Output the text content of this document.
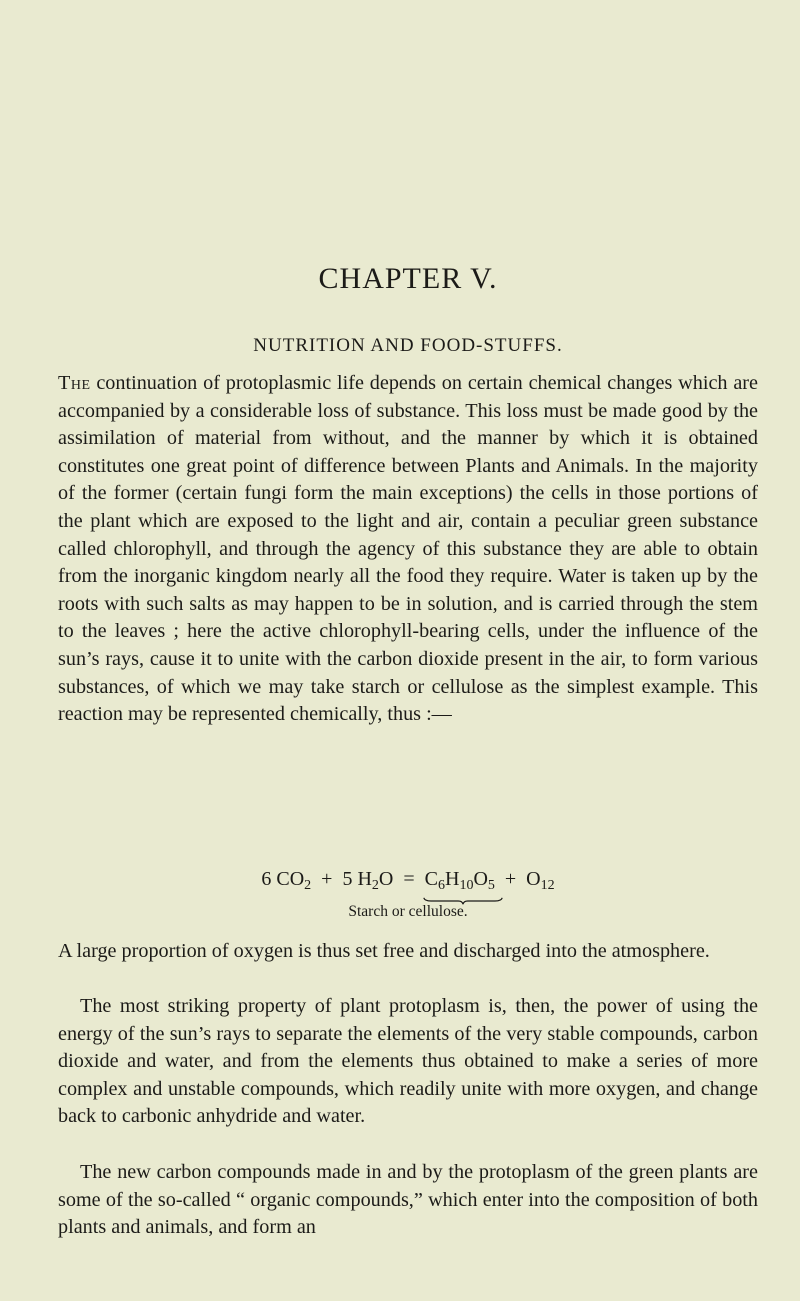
CHAPTER V.
NUTRITION AND FOOD-STUFFS.

The continuation of protoplasmic life depends on certain chemical changes which are accompanied by a considerable loss of substance. This loss must be made good by the assimilation of material from without, and the manner by which it is obtained constitutes one great point of difference between Plants and Animals. In the majority of the former (certain fungi form the main exceptions) the cells in those portions of the plant which are exposed to the light and air, contain a peculiar green substance called chlorophyll, and through the agency of this substance they are able to obtain from the inorganic kingdom nearly all the food they require. Water is taken up by the roots with such salts as may happen to be in solution, and is carried through the stem to the leaves ; here the active chlorophyll-bearing cells, under the influence of the sun’s rays, cause it to unite with the carbon dioxide present in the air, to form various substances, of which we may take starch or cellulose as the simplest example. This reaction may be represented chemically, thus :—

6 $CO_2 + 5$ $H_2O = C_6H_{10}O_5 + O_{12}$

Starch or cellulose.

A large proportion of oxygen is thus set free and discharged into the atmosphere.

The most striking property of plant protoplasm is, then, the power of using the energy of the sun’s rays to separate the elements of the very stable compounds, carbon dioxide and water, and from the elements thus obtained to make a series of more complex and unstable compounds, which readily unite with more oxygen, and change back to carbonic anhydride and water.

The new carbon compounds made in and by the protoplasm of the green plants are some of the so-called “ organic compounds,” which enter into the composition of both plants and animals, and form an
